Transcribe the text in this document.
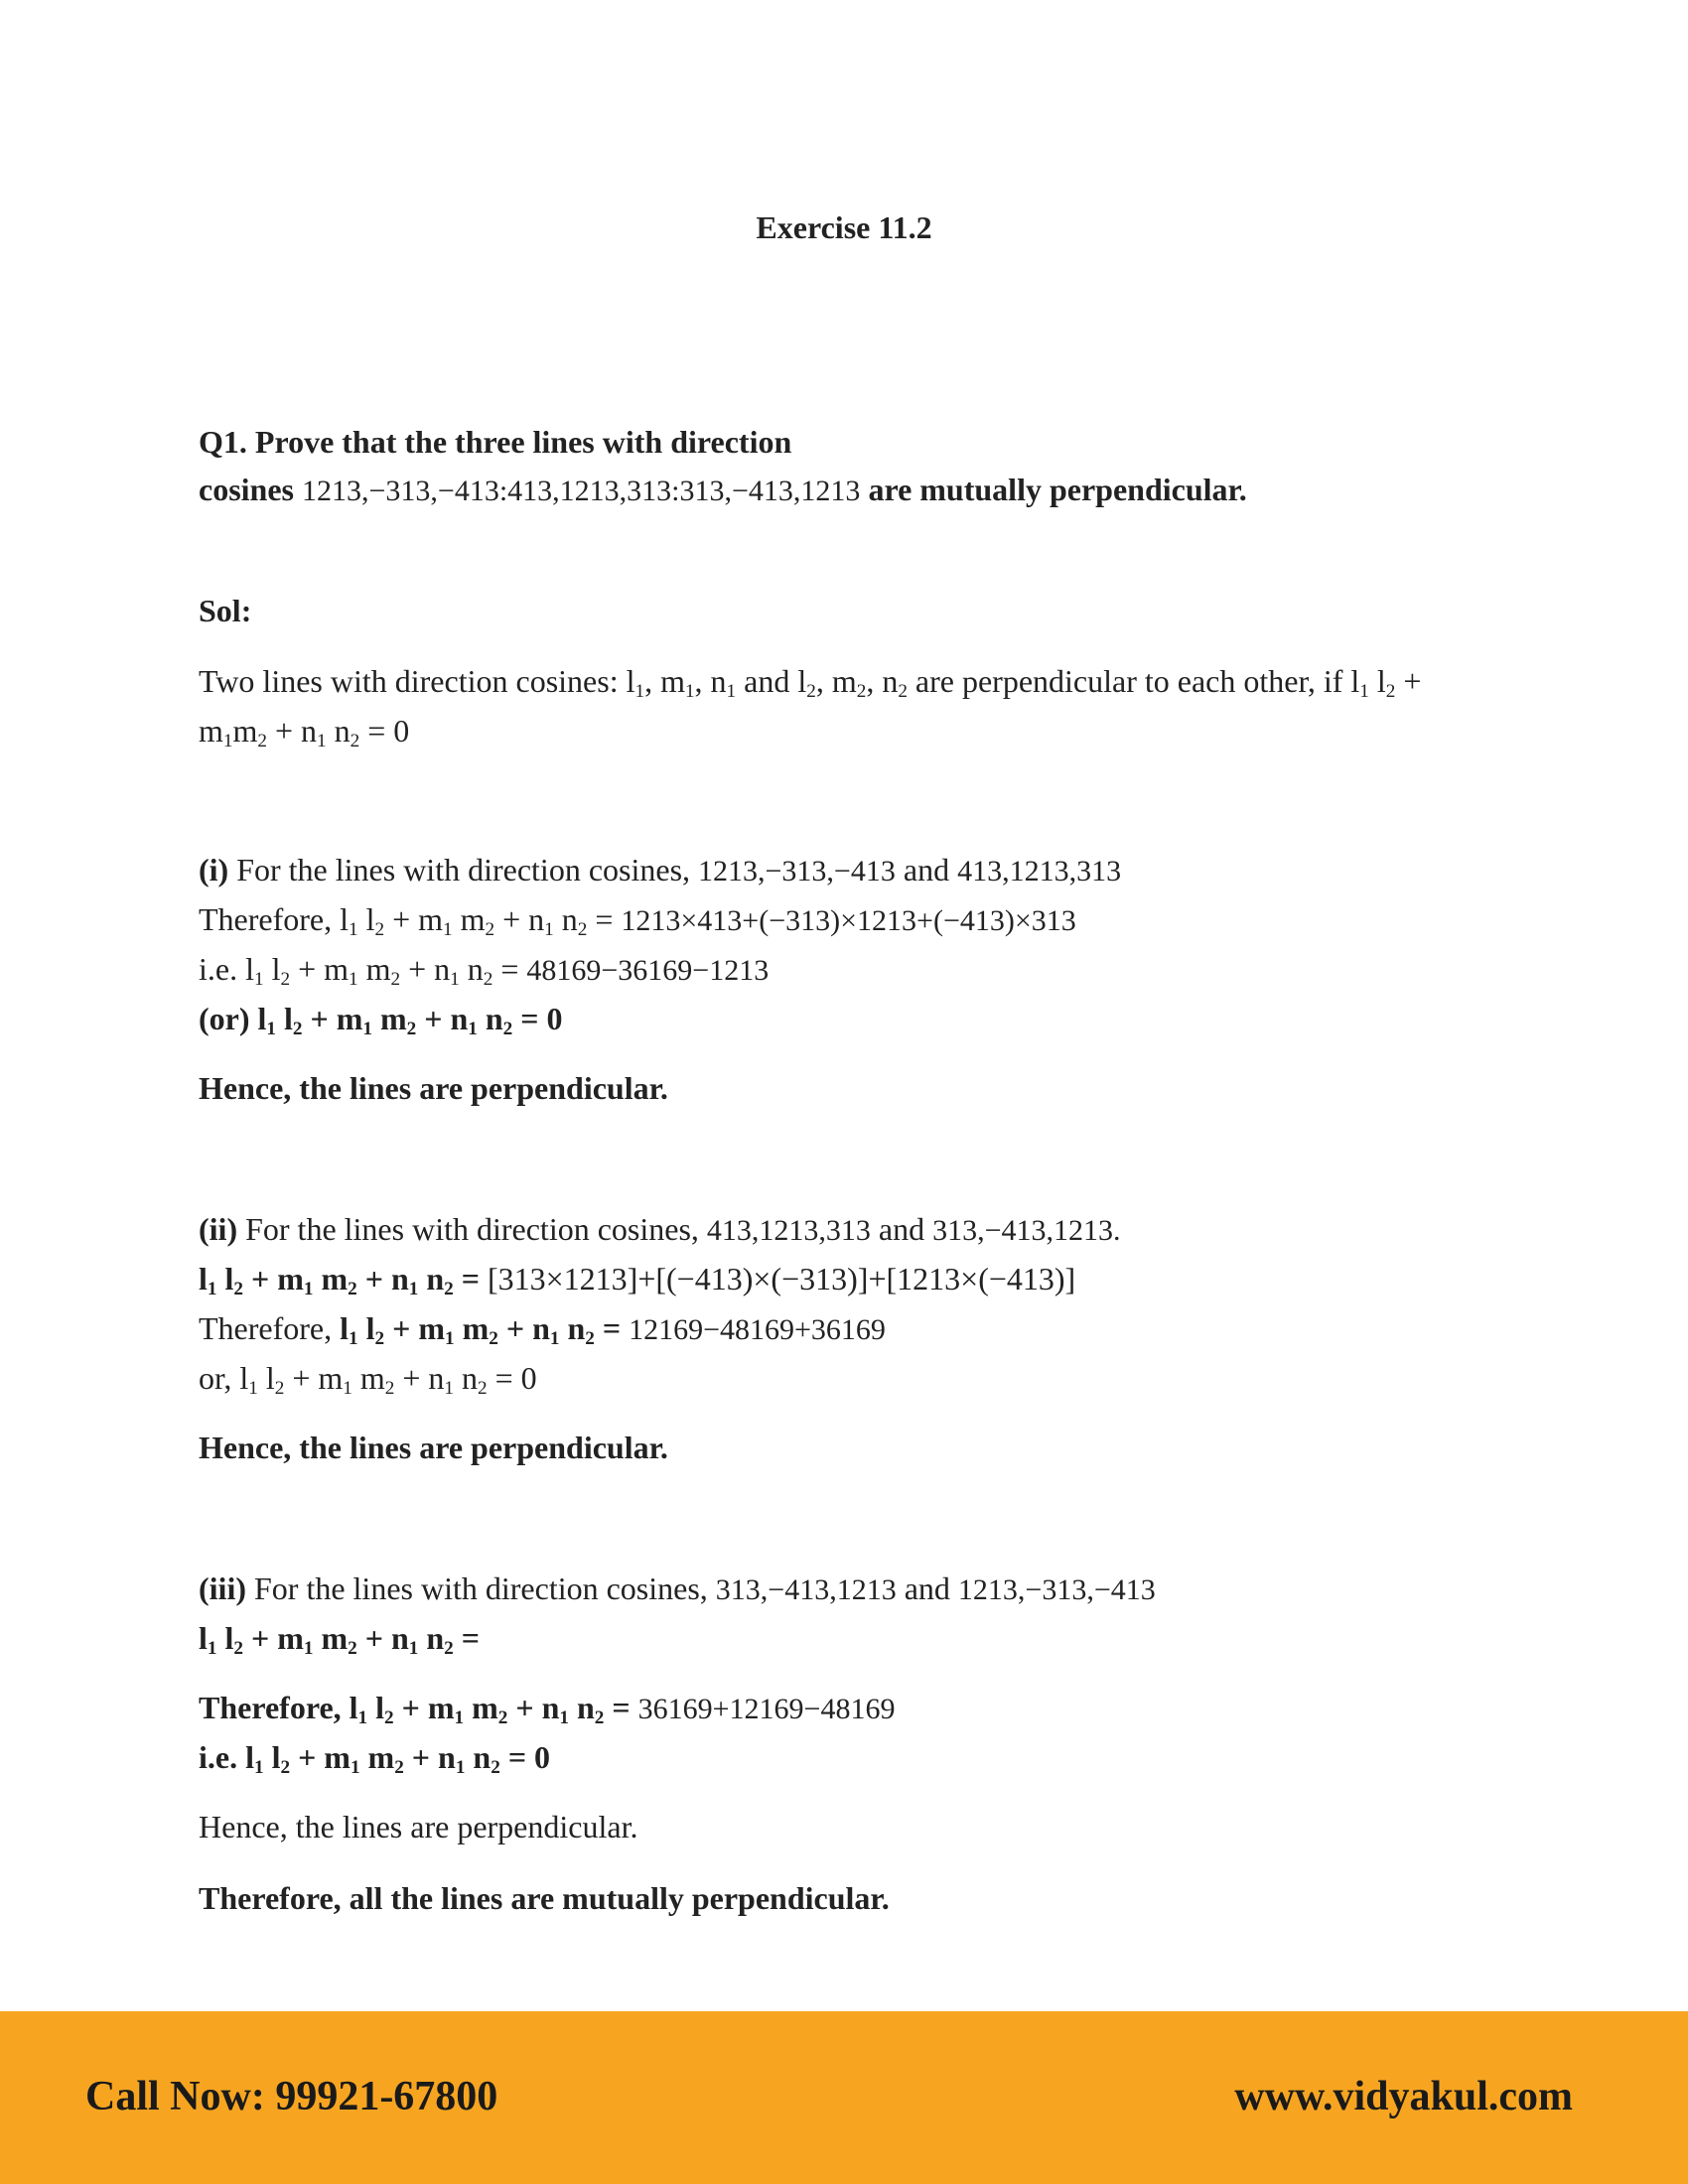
Exercise 11.2
Q1. Prove that the three lines with direction
cosines 1213,−313,−413:413,1213,313:313,−413,1213 are mutually perpendicular.
Sol:
Two lines with direction cosines: $l_1$, $m_1$, $n_1$ and $l_2$, $m_2$, $n_2$ are perpendicular to each other, if $l_1$ $l_2$ +
$m_1m_2 + n_1$ $n_2 = 0$
(i) For the lines with direction cosines, 1213,−313,−413 and 413,1213,313
Therefore, $l_1$ $l_2 + m_1$ $m_2 + n_1$ $n_2 = 1213\times 413+(-313)\times 1213+(-413)\times 313$
i.e. $l_1$ $l_2 + m_1$ $m_2 + n_1$ $n_2 = 48169-36169-1213$
(or) $l_1$ $l_2 + m_1$ $m_2 + n_1$ $n_2 = 0$
Hence, the lines are perpendicular.
(ii) For the lines with direction cosines, 413,1213,313 and 313,−413,1213.
$l_1$ $l_2 + m_1$ $m_2 + n_1$ $n_2 = [313\times 1213]+[(-413)\times(-313)]+[1213\times(-413)]$
Therefore, $l_1$ $l_2 + m_1$ $m_2 + n_1$ $n_2 = 12169-48169+36169$
or, $l_1$ $l_2 + m_1$ $m_2 + n_1$ $n_2 = 0$
Hence, the lines are perpendicular.
(iii) For the lines with direction cosines, 313,−413,1213 and 1213,−313,−413
$l_1$ $l_2 + m_1$ $m_2 + n_1$ $n_2$ =
Therefore, $l_1$ $l_2 + m_1$ $m_2 + n_1$ $n_2 = 36169+12169-48169$
i.e. $l_1$ $l_2 + m_1$ $m_2 + n_1$ $n_2 = 0$
Hence, the lines are perpendicular.
Therefore, all the lines are mutually perpendicular.
Call Now: 99921-67800	www.vidyakul.com
